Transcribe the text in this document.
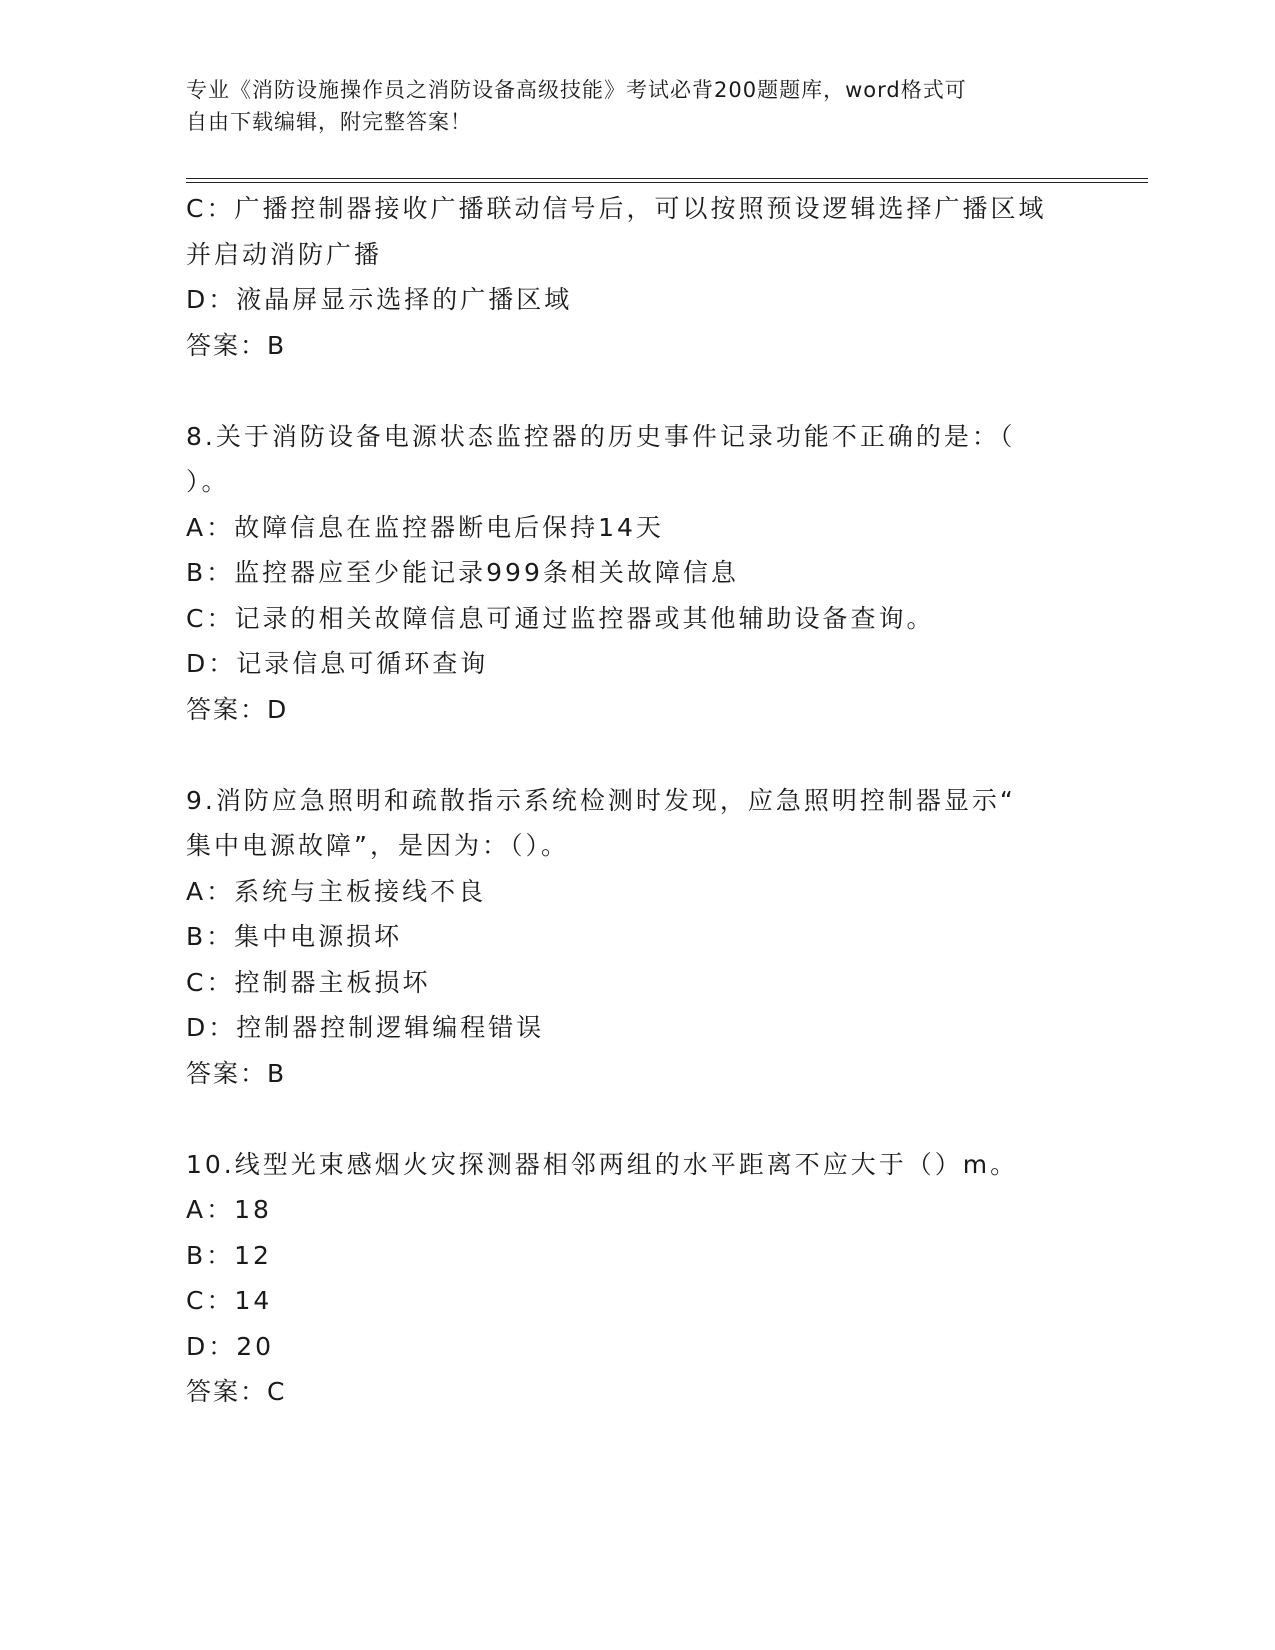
专业《消防设施操作员之消防设备高级技能》考试必背200题题库，word格式可
自由下载编辑，附完整答案！
C：广播控制器接收广播联动信号后，可以按照预设逻辑选择广播区域
并启动消防广播
D：液晶屏显示选择的广播区域
答案：B
8.关于消防设备电源状态监控器的历史事件记录功能不正确的是：（
）。
A：故障信息在监控器断电后保持14天
B：监控器应至少能记录999条相关故障信息
C：记录的相关故障信息可通过监控器或其他辅助设备查询。
D：记录信息可循环查询
答案：D
9.消防应急照明和疏散指示系统检测时发现，应急照明控制器显示“
集中电源故障”，是因为：（）。
A：系统与主板接线不良
B：集中电源损坏
C：控制器主板损坏
D：控制器控制逻辑编程错误
答案：B
10.线型光束感烟火灾探测器相邻两组的水平距离不应大于（）m。
A：18
B：12
C：14
D：20
答案：C
